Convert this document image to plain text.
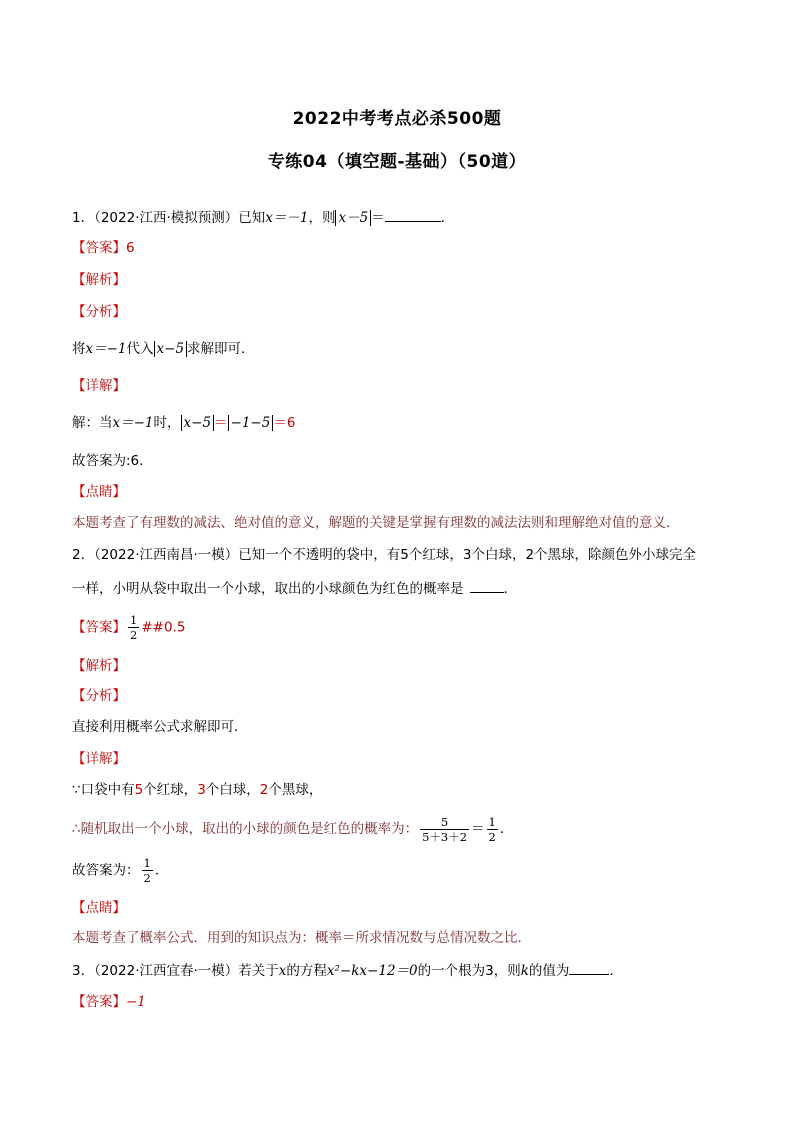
2022中考考点必杀500题
专练04（填空题-基础）（50道）
1．（2022·江西·模拟预测）已知x＝－1，则 x－5 ＝	．
【答案】6
【解析】
【分析】
将x＝−1代入 x−5 求解即可．
【详解】
解：当x＝−1时， x−5 ＝ −1−5 ＝6
故答案为:6．
【点睛】
本题考查了有理数的减法、绝对值的意义，解题的关键是掌握有理数的减法法则和理解绝对值的意义．
2．（2022·江西南昌·一模）已知一个不透明的袋中，有5个红球，3个白球，2个黑球，除颜色外小球完全
一样，小明从袋中取出一个小球，取出的小球颜色为红色的概率是	．
【答案】 $\frac{1}{2}$ ##0.5
【解析】
【分析】
直接利用概率公式求解即可．
【详解】
∵口袋中有5个红球，3个白球，2个黑球，
∴随机取出一个小球，取出的小球的颜色是红色的概率为： $\frac{5}{5+3+2} = \frac{1}{2}$ ．
故答案为： $\frac{1}{2}$ ．
【点睛】
本题考查了概率公式．用到的知识点为：概率＝所求情况数与总情况数之比．
3．（2022·江西宜春·一模）若关于x的方程x²−kx−12＝0的一个根为3，则k的值为	．
【答案】−1
